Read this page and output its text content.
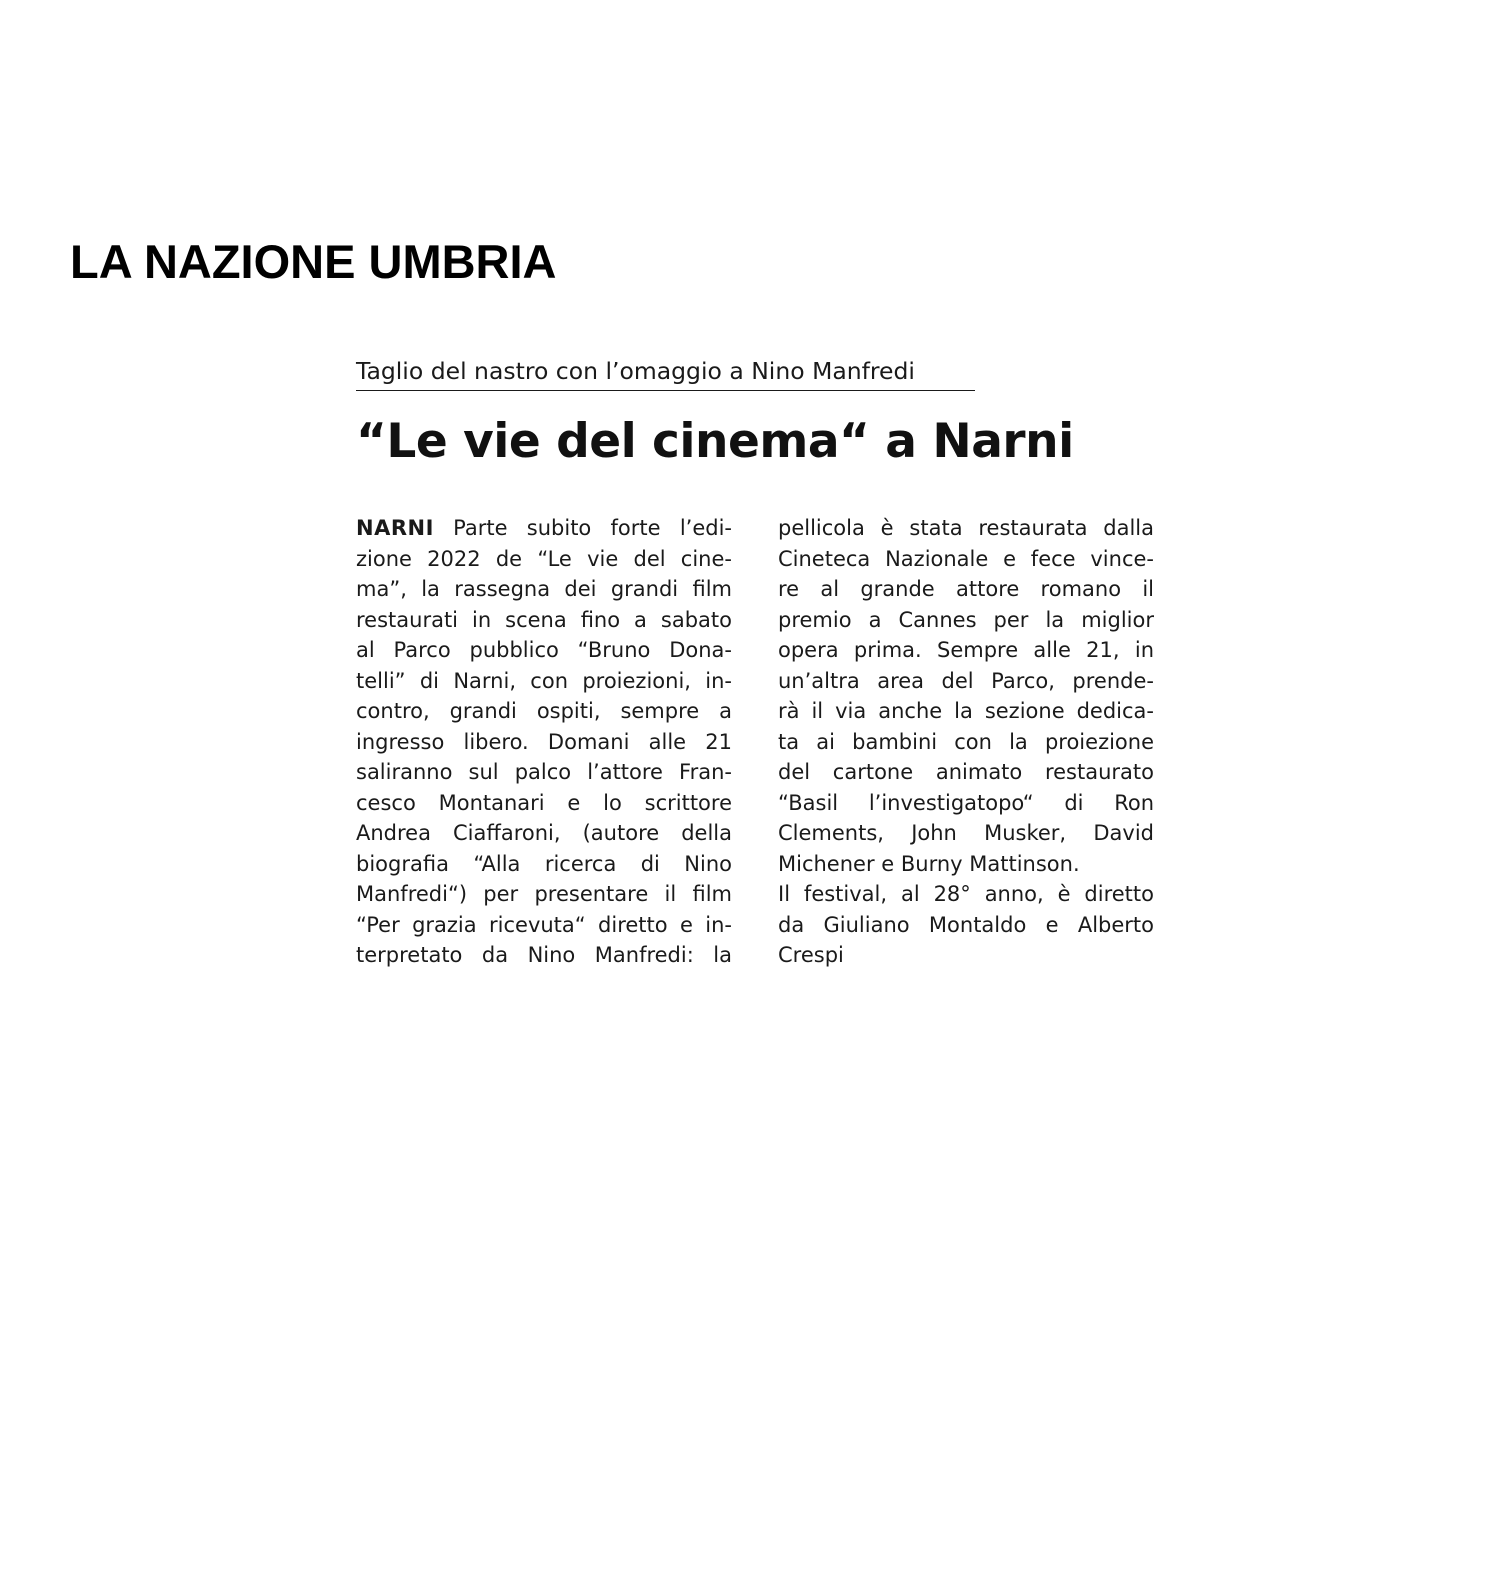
LA NAZIONE UMBRIA
Taglio del nastro con l’omaggio a Nino Manfredi
“Le vie del cinema“ a Narni
NARNI Parte subito forte l’edi-
zione 2022 de “Le vie del cine-
ma”, la rassegna dei grandi film
restaurati in scena fino a sabato
al Parco pubblico “Bruno Dona-
telli” di Narni, con proiezioni, in-
contro, grandi ospiti, sempre a
ingresso libero. Domani alle 21
saliranno sul palco l’attore Fran-
cesco Montanari e lo scrittore
Andrea Ciaffaroni, (autore della
biografia “Alla ricerca di Nino
Manfredi“) per presentare il film
“Per grazia ricevuta“ diretto e in-
terpretato da Nino Manfredi: la
pellicola è stata restaurata dalla
Cineteca Nazionale e fece vince-
re al grande attore romano il
premio a Cannes per la miglior
opera prima. Sempre alle 21, in
un’altra area del Parco, prende-
rà il via anche la sezione dedica-
ta ai bambini con la proiezione
del cartone animato restaurato
“Basil l’investigatopo“ di Ron
Clements, John Musker, David
Michener e Burny Mattinson.
Il festival, al 28° anno, è diretto
da Giuliano Montaldo e Alberto
Crespi
